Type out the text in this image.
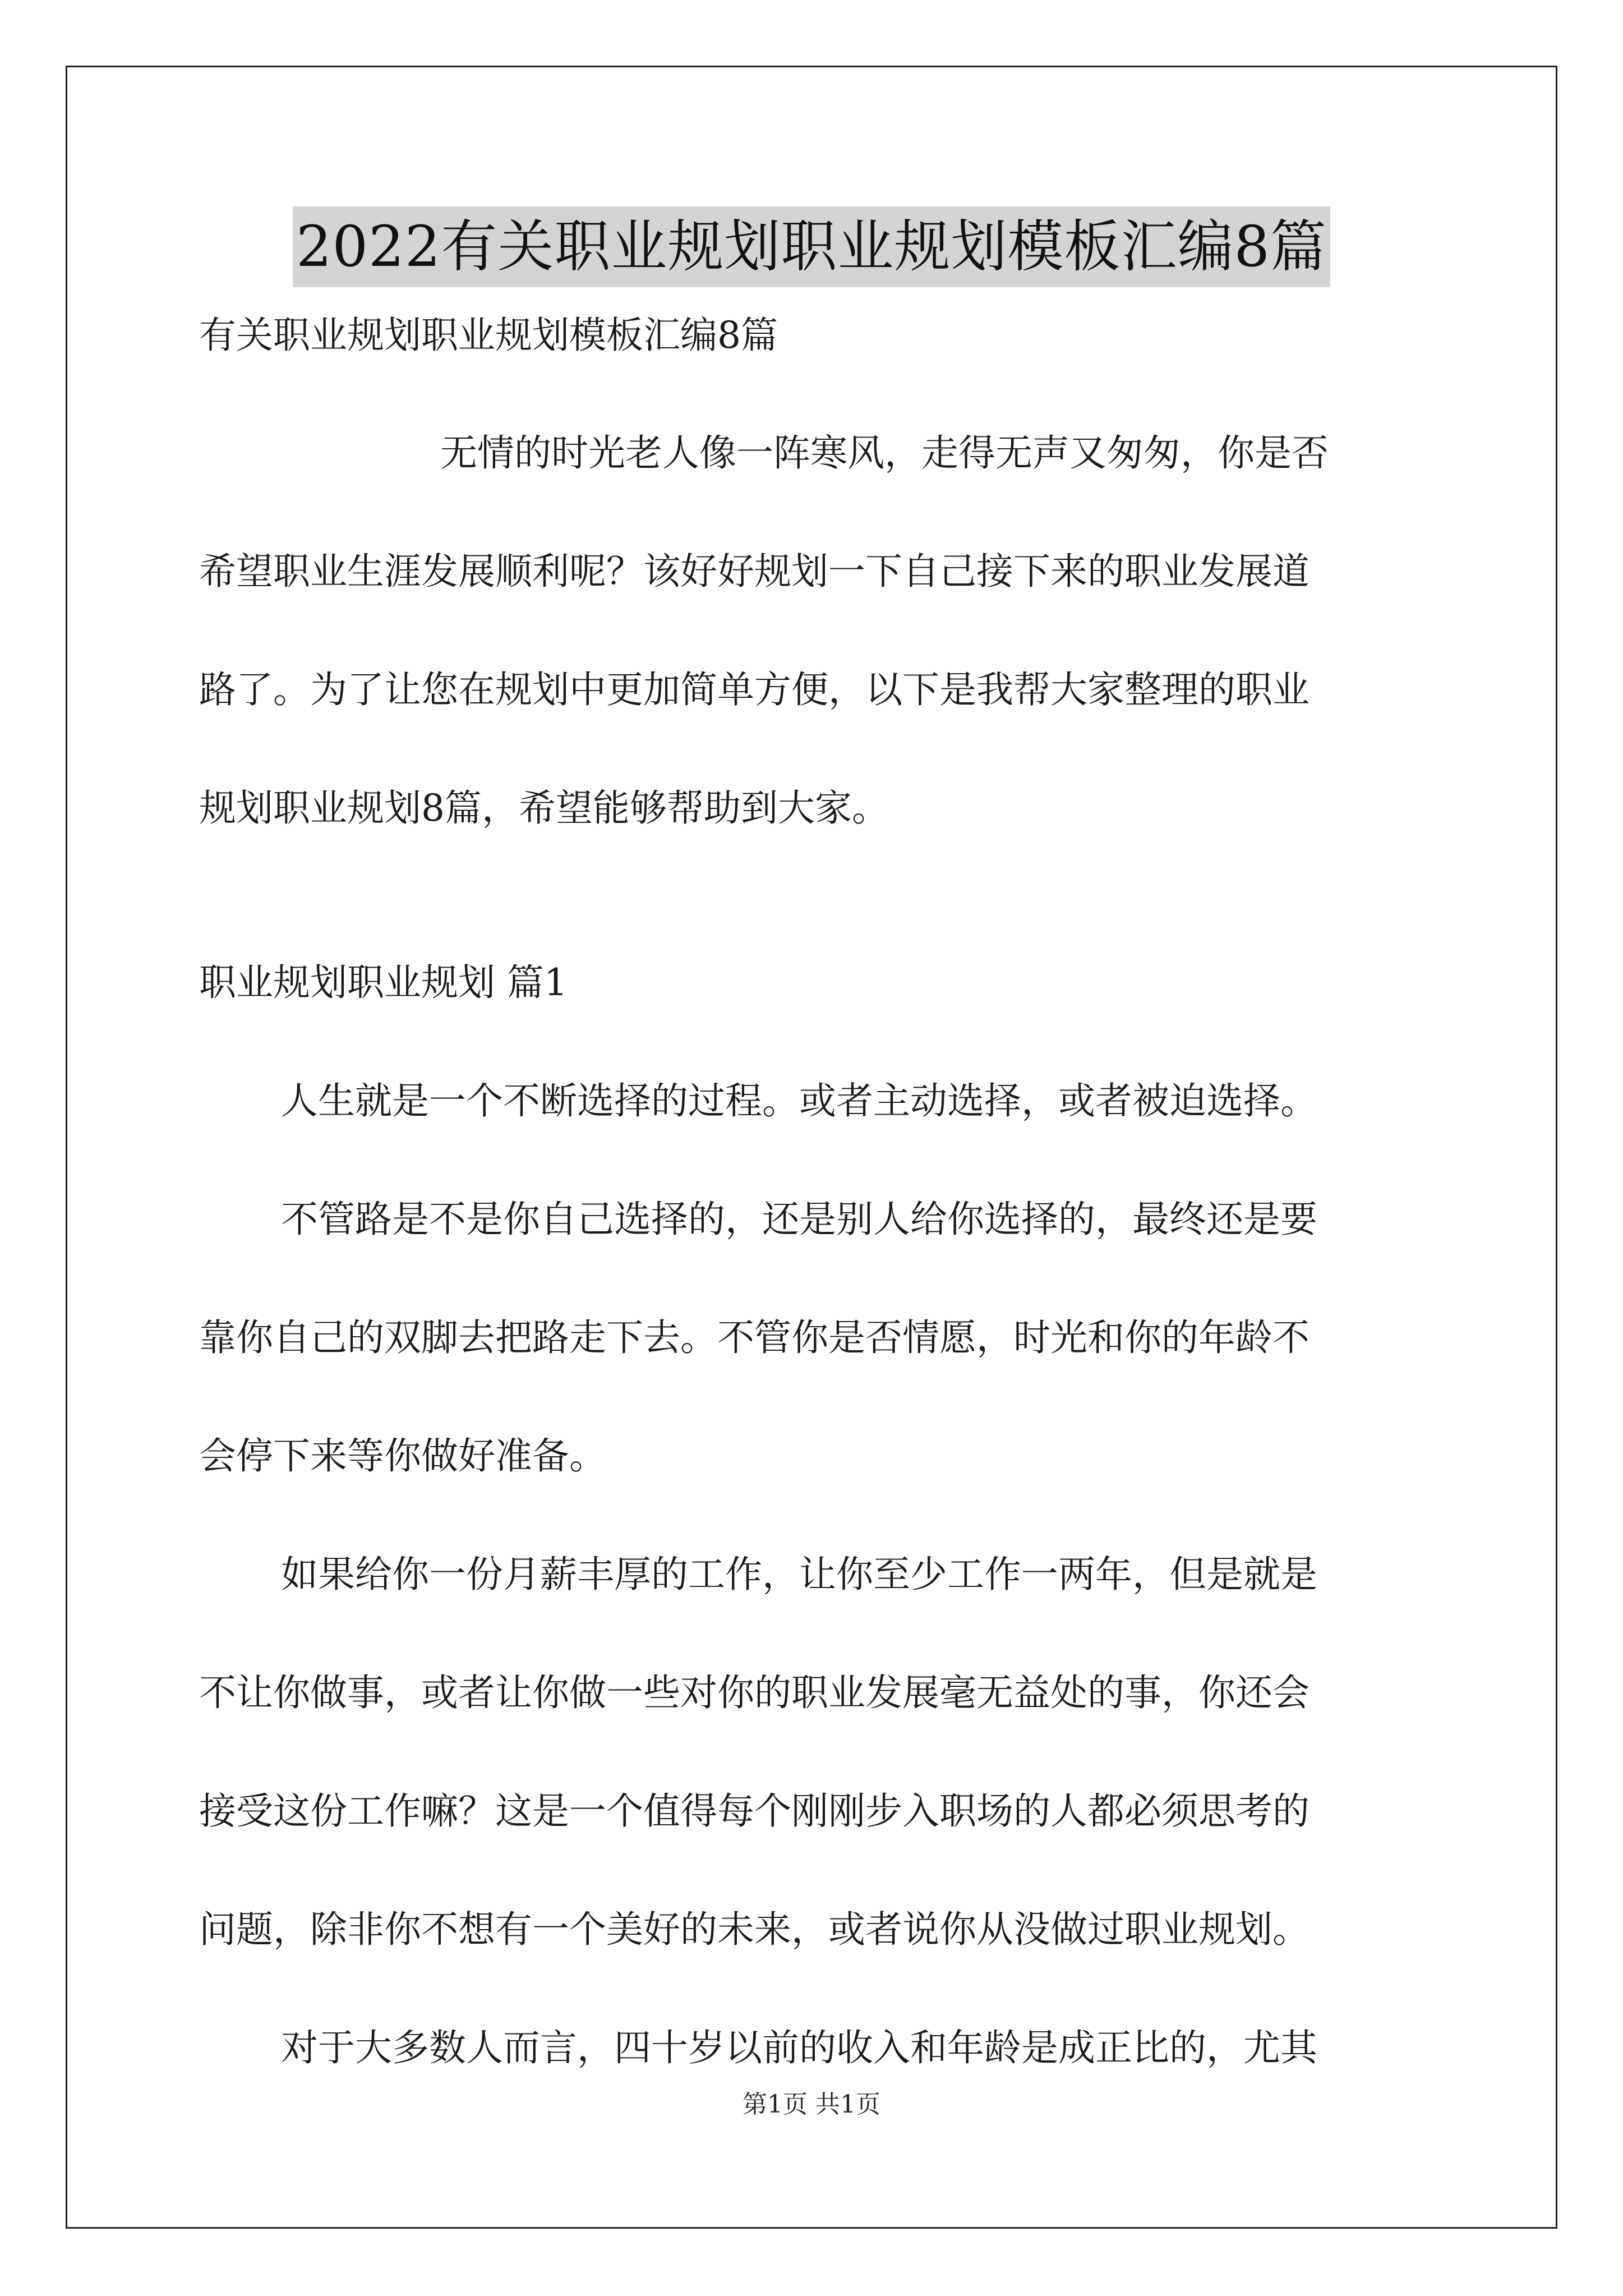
2022有关职业规划职业规划模板汇编8篇
有关职业规划职业规划模板汇编8篇
无情的时光老人像一阵寒风，走得无声又匆匆，你是否
希望职业生涯发展顺利呢？该好好规划一下自己接下来的职业发展道
路了。为了让您在规划中更加简单方便，以下是我帮大家整理的职业
规划职业规划8篇，希望能够帮助到大家。
职业规划职业规划 篇1
人生就是一个不断选择的过程。或者主动选择，或者被迫选择。
不管路是不是你自己选择的，还是别人给你选择的，最终还是要
靠你自己的双脚去把路走下去。不管你是否情愿，时光和你的年龄不
会停下来等你做好准备。
如果给你一份月薪丰厚的工作，让你至少工作一两年，但是就是
不让你做事，或者让你做一些对你的职业发展毫无益处的事，你还会
接受这份工作嘛？这是一个值得每个刚刚步入职场的人都必须思考的
问题，除非你不想有一个美好的未来，或者说你从没做过职业规划。
对于大多数人而言，四十岁以前的收入和年龄是成正比的，尤其
第1页 共1页
